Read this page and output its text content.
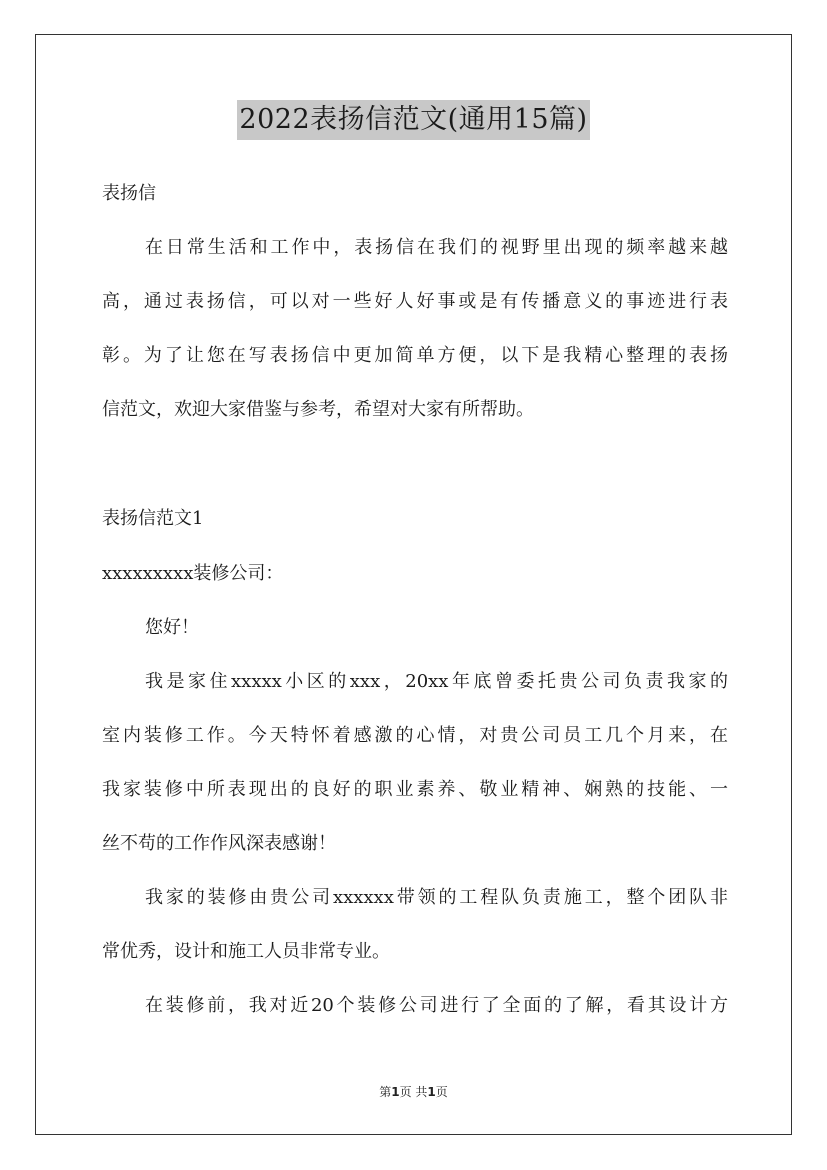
2022表扬信范文(通用15篇)
表扬信
在日常生活和工作中，表扬信在我们的视野里出现的频率越来越
高，通过表扬信，可以对一些好人好事或是有传播意义的事迹进行表
彰。为了让您在写表扬信中更加简单方便，以下是我精心整理的表扬
信范文，欢迎大家借鉴与参考，希望对大家有所帮助。
表扬信范文1
xxxxxxxxx装修公司：
您好！
我是家住xxxxx小区的xxx，20xx年底曾委托贵公司负责我家的
室内装修工作。今天特怀着感激的心情，对贵公司员工几个月来，在
我家装修中所表现出的良好的职业素养、敬业精神、娴熟的技能、一
丝不苟的工作作风深表感谢！
我家的装修由贵公司xxxxxx带领的工程队负责施工，整个团队非
常优秀，设计和施工人员非常专业。
在装修前，我对近20个装修公司进行了全面的了解，看其设计方
第1页 共1页
